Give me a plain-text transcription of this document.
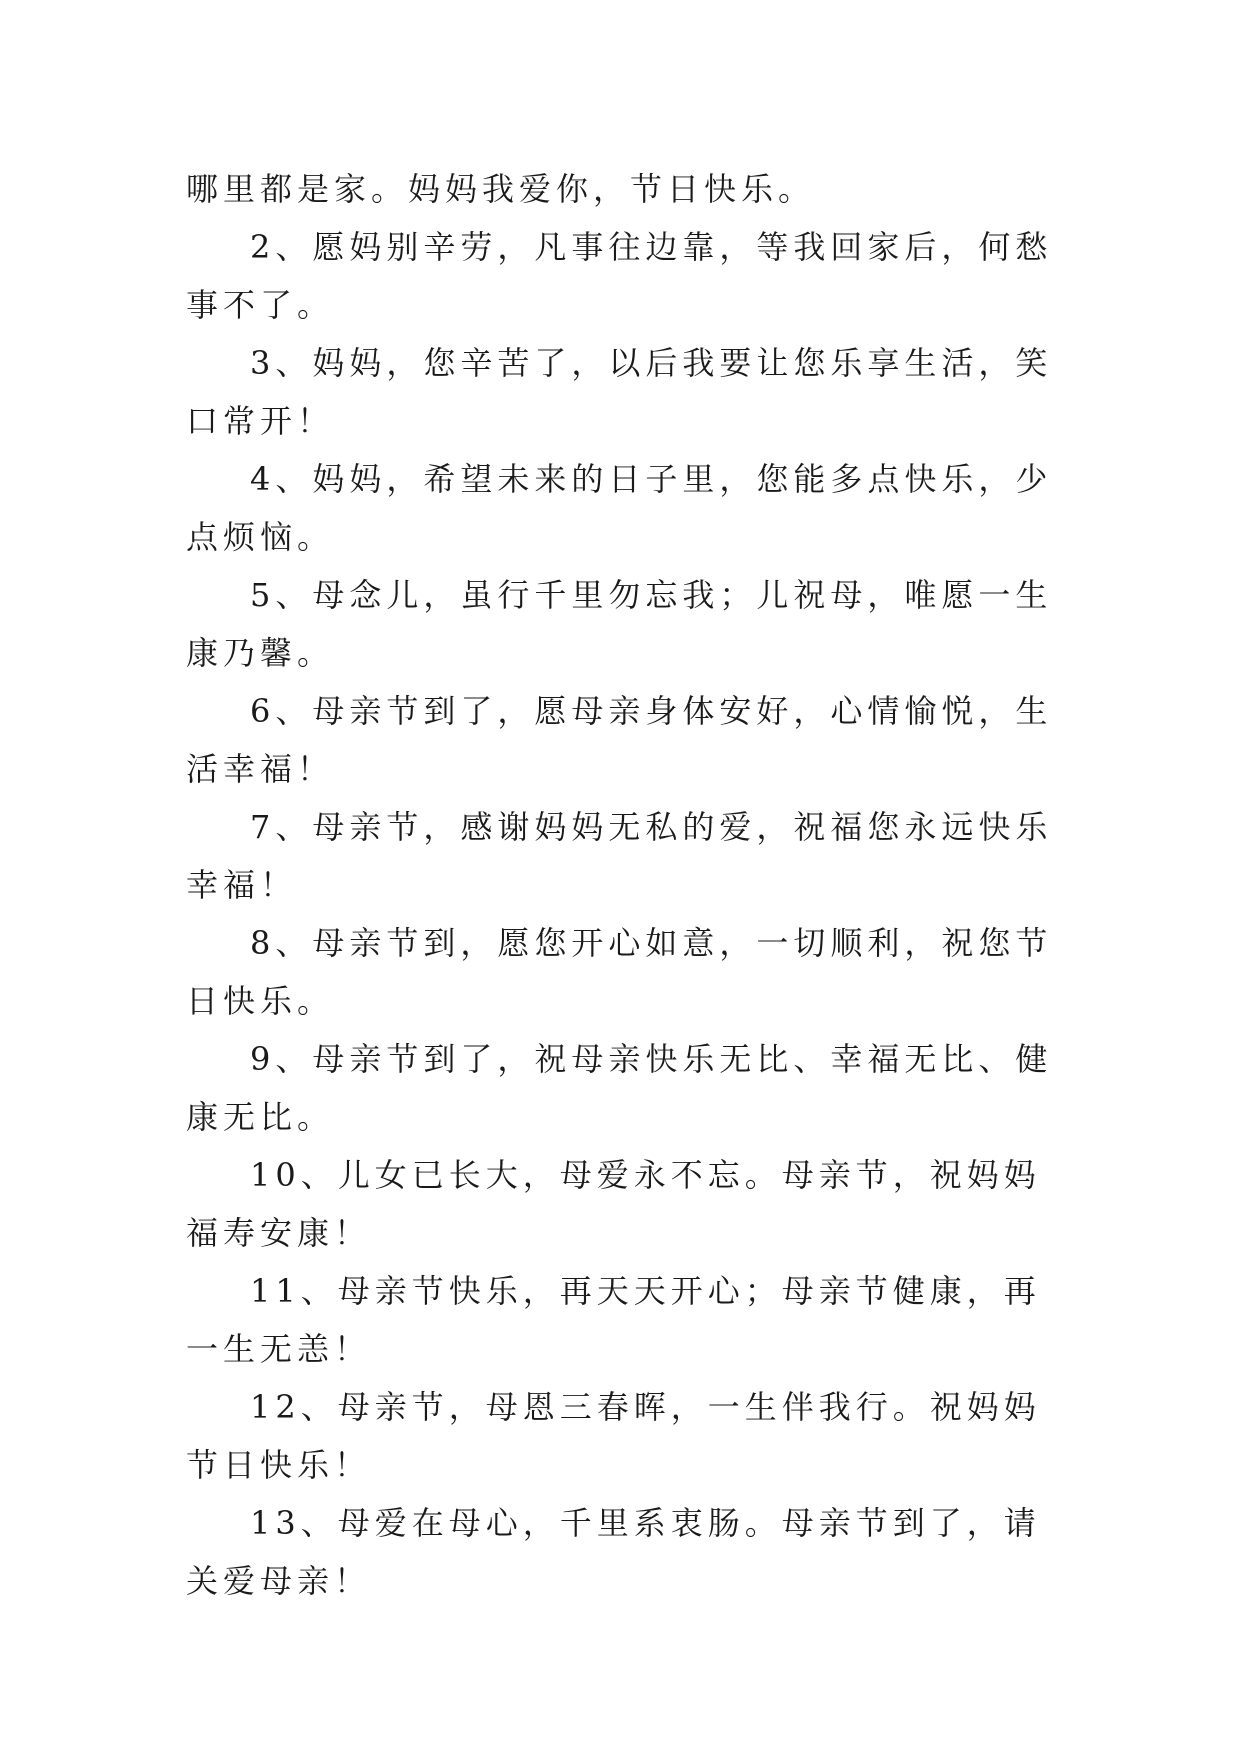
哪里都是家。妈妈我爱你，节日快乐。

2、愿妈别辛劳，凡事往边靠，等我回家后，何愁事不了。

3、妈妈，您辛苦了，以后我要让您乐享生活，笑口常开！

4、妈妈，希望未来的日子里，您能多点快乐，少点烦恼。

5、母念儿，虽行千里勿忘我；儿祝母，唯愿一生康乃馨。

6、母亲节到了，愿母亲身体安好，心情愉悦，生活幸福！

7、母亲节，感谢妈妈无私的爱，祝福您永远快乐幸福！

8、母亲节到，愿您开心如意，一切顺利，祝您节日快乐。

9、母亲节到了，祝母亲快乐无比、幸福无比、健康无比。

10、儿女已长大，母爱永不忘。母亲节，祝妈妈福寿安康！

11、母亲节快乐，再天天开心；母亲节健康，再一生无恙！

12、母亲节，母恩三春晖，一生伴我行。祝妈妈节日快乐！

13、母爱在母心，千里系衷肠。母亲节到了，请关爱母亲！
